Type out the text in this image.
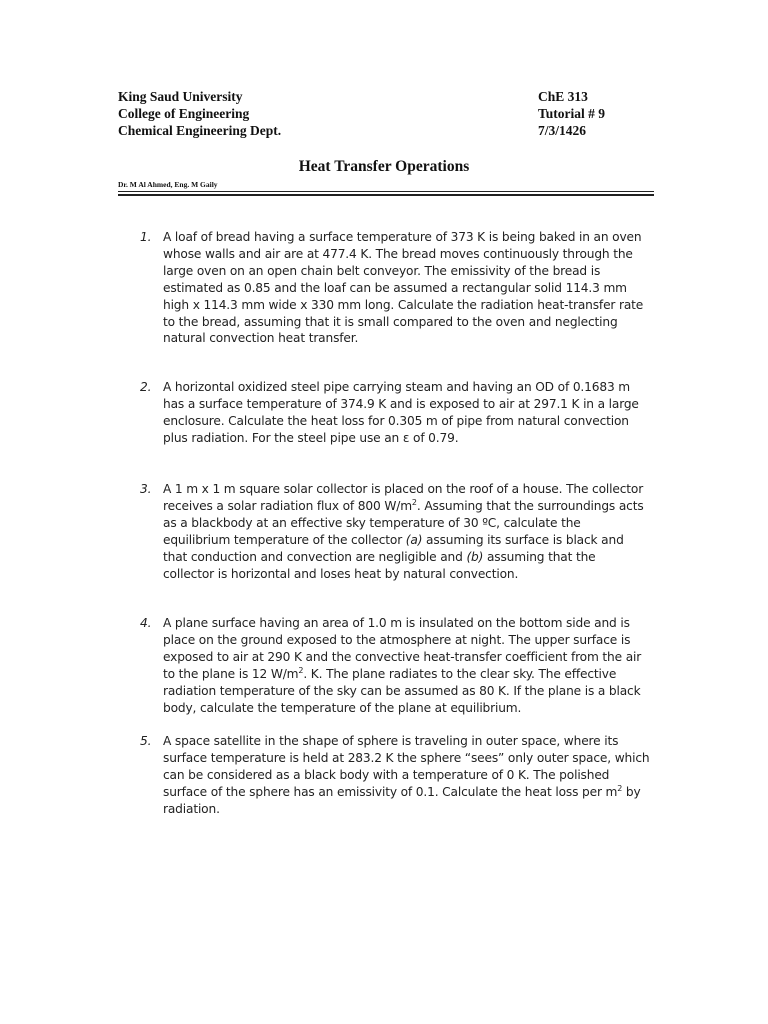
King Saud University	ChE 313
College of Engineering	Tutorial # 9
Chemical Engineering Dept.	7/3/1426
Heat Transfer Operations
Dr. M Al Ahmed, Eng. M Gaily
1. A loaf of bread having a surface temperature of 373 K is being baked in an oven whose walls and air are at 477.4 K. The bread moves continuously through the large oven on an open chain belt conveyor. The emissivity of the bread is estimated as 0.85 and the loaf can be assumed a rectangular solid 114.3 mm high x 114.3 mm wide x 330 mm long. Calculate the radiation heat-transfer rate to the bread, assuming that it is small compared to the oven and neglecting natural convection heat transfer.
2. A horizontal oxidized steel pipe carrying steam and having an OD of 0.1683 m has a surface temperature of 374.9 K and is exposed to air at 297.1 K in a large enclosure. Calculate the heat loss for 0.305 m of pipe from natural convection plus radiation. For the steel pipe use an ε of 0.79.
3. A 1 m x 1 m square solar collector is placed on the roof of a house. The collector receives a solar radiation flux of 800 $W/m^2$. Assuming that the surroundings acts as a blackbody at an effective sky temperature of 30 ºC, calculate the equilibrium temperature of the collector (a) assuming its surface is black and that conduction and convection are negligible and (b) assuming that the collector is horizontal and loses heat by natural convection.
4. A plane surface having an area of 1.0 m is insulated on the bottom side and is place on the ground exposed to the atmosphere at night. The upper surface is exposed to air at 290 K and the convective heat-transfer coefficient from the air to the plane is 12 $W/m^2$. K. The plane radiates to the clear sky. The effective radiation temperature of the sky can be assumed as 80 K. If the plane is a black body, calculate the temperature of the plane at equilibrium.
5. A space satellite in the shape of sphere is traveling in outer space, where its surface temperature is held at 283.2 K the sphere “sees” only outer space, which can be considered as a black body with a temperature of 0 K. The polished surface of the sphere has an emissivity of 0.1. Calculate the heat loss per $m^2$ by radiation.
